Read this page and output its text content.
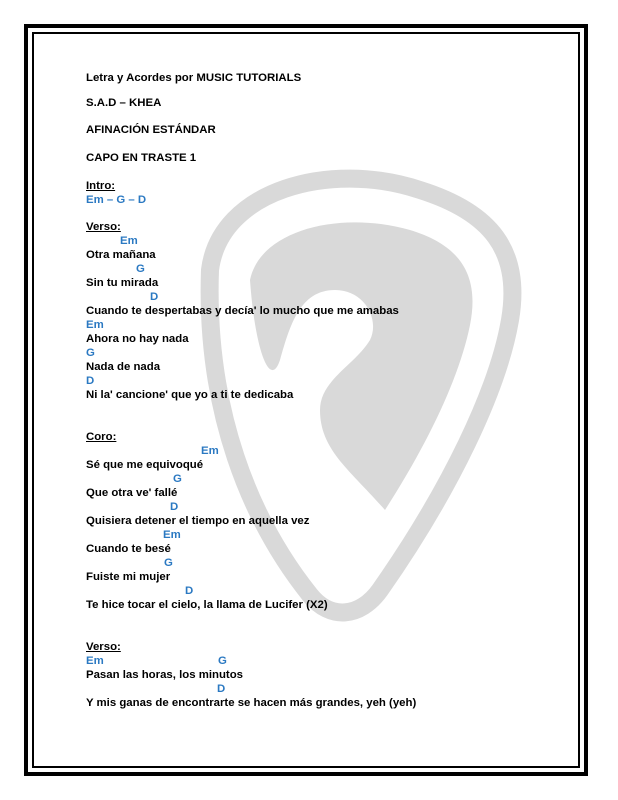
Letra y Acordes por MUSIC TUTORIALS
S.A.D – KHEA
AFINACIÓN ESTÁNDAR
CAPO EN TRASTE 1
Intro:
Em – G – D
Verso:
Em
Otra mañana
G
Sin tu mirada
D
Cuando te despertabas y decía' lo mucho que me amabas
Em
Ahora no hay nada
G
Nada de nada
D
Ni la' cancione' que yo a ti te dedicaba
Coro:
Em
Sé que me equivoqué
G
Que otra ve' fallé
D
Quisiera detener el tiempo en aquella vez
Em
Cuando te besé
G
Fuiste mi mujer
D
Te hice tocar el cielo, la llama de Lucifer (X2)
Verso:
Em	G
Pasan las horas, los minutos
D
Y mis ganas de encontrarte se hacen más grandes, yeh (yeh)
